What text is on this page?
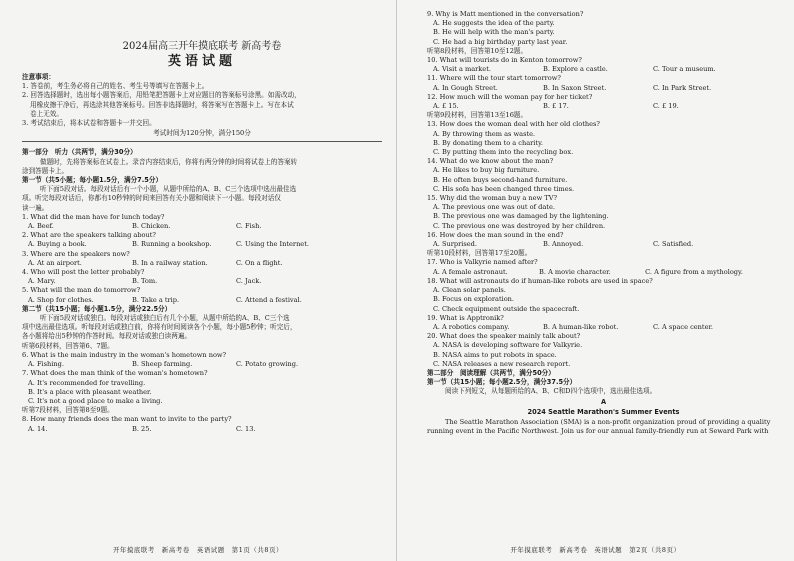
2024届高三开年摸底联考 新高考卷
英语试题
注意事项：
1. 答卷前，考生务必将自己的姓名、考生号等填写在答题卡上。
2. 回答选择题时，选出每小题答案后，用铅笔把答题卡上对应题目的答案标号涂黑。如需改动，
用橡皮擦干净后，再选涂其他答案标号。回答非选择题时，将答案写在答题卡上。写在本试
卷上无效。
3. 考试结束后，将本试卷和答题卡一并交回。
考试时间为120分钟，满分150分
第一部分　听力（共两节，满分30分）
做题时，先将答案标在试卷上。录音内容结束后，你将有两分钟的时间将试卷上的答案转
涂到答题卡上。
第一节（共5小题；每小题1.5分，满分7.5分）
听下面5段对话。每段对话后有一个小题，从题中所给的A、B、C三个选项中选出最佳选
项。听完每段对话后，你都有10秒钟的时间来回答有关小题和阅读下一小题。每段对话仅
读一遍。
1. What did the man have for lunch today?
A. Beef.	B. Chicken.	C. Fish.
2. What are the speakers talking about?
A. Buying a book.	B. Running a bookshop.	C. Using the Internet.
3. Where are the speakers now?
A. At an airport.	B. In a railway station.	C. On a flight.
4. Who will post the letter probably?
A. Mary.	B. Tom.	C. Jack.
5. What will the man do tomorrow?
A. Shop for clothes.	B. Take a trip.	C. Attend a festival.
第二节（共15小题；每小题1.5分，满分22.5分）
听下面5段对话或独白。每段对话或独白后有几个小题，从题中所给的A、B、C三个选
项中选出最佳选项。听每段对话或独白前，你将有时间阅读各个小题，每小题5秒钟；听完后，
各小题将给出5秒钟的作答时间。每段对话或独白读两遍。
听第6段材料，回答第6、7题。
6. What is the main industry in the woman's hometown now?
A. Fishing.	B. Sheep farming.	C. Potato growing.
7. What does the man think of the woman's hometown?
A. It's recommended for travelling.
B. It's a place with pleasant weather.
C. It's not a good place to make a living.
听第7段材料，回答第8至9题。
8. How many friends does the man want to invite to the party?
A. 14.	B. 25.	C. 13.
开年摸底联考　新高考卷　英语试题　第1页（共8页）
9. Why is Matt mentioned in the conversation?
A. He suggests the idea of the party.
B. He will help with the man's party.
C. He had a big birthday party last year.
听第8段材料，回答第10至12题。
10. What will tourists do in Kenton tomorrow?
A. Visit a market.	B. Explore a castle.	C. Tour a museum.
11. Where will the tour start tomorrow?
A. In Gough Street.	B. In Saxon Street.	C. In Park Street.
12. How much will the woman pay for her ticket?
A. £ 15.	B. £ 17.	C. £ 19.
听第9段材料，回答第13至16题。
13. How does the woman deal with her old clothes?
A. By throwing them as waste.
B. By donating them to a charity.
C. By putting them into the recycling box.
14. What do we know about the man?
A. He likes to buy big furniture.
B. He often buys second-hand furniture.
C. His sofa has been changed three times.
15. Why did the woman buy a new TV?
A. The previous one was out of date.
B. The previous one was damaged by the lightening.
C. The previous one was destroyed by her children.
16. How does the man sound in the end?
A. Surprised.	B. Annoyed.	C. Satisfied.
听第10段材料，回答第17至20题。
17. Who is Valkyrie named after?
A. A female astronaut.	B. A movie character.	C. A figure from a mythology.
18. What will astronauts do if human-like robots are used in space?
A. Clean solar panels.
B. Focus on exploration.
C. Check equipment outside the spacecraft.
19. What is Apptronik?
A. A robotics company.	B. A human-like robot.	C. A space center.
20. What does the speaker mainly talk about?
A. NASA is developing software for Valkyrie.
B. NASA aims to put robots in space.
C. NASA releases a new research report.
第二部分　阅读理解（共两节，满分50分）
第一节（共15小题；每小题2.5分，满分37.5分）
阅读下列短文，从每题所给的A、B、C和D四个选项中，选出最佳选项。
A
2024 Seattle Marathon's Summer Events
The Seattle Marathon Association (SMA) is a non-profit organization proud of providing a quality
running event in the Pacific Northwest. Join us for our annual family-friendly run at Seward Park with
开年摸底联考　新高考卷　英语试题　第2页（共8页）
